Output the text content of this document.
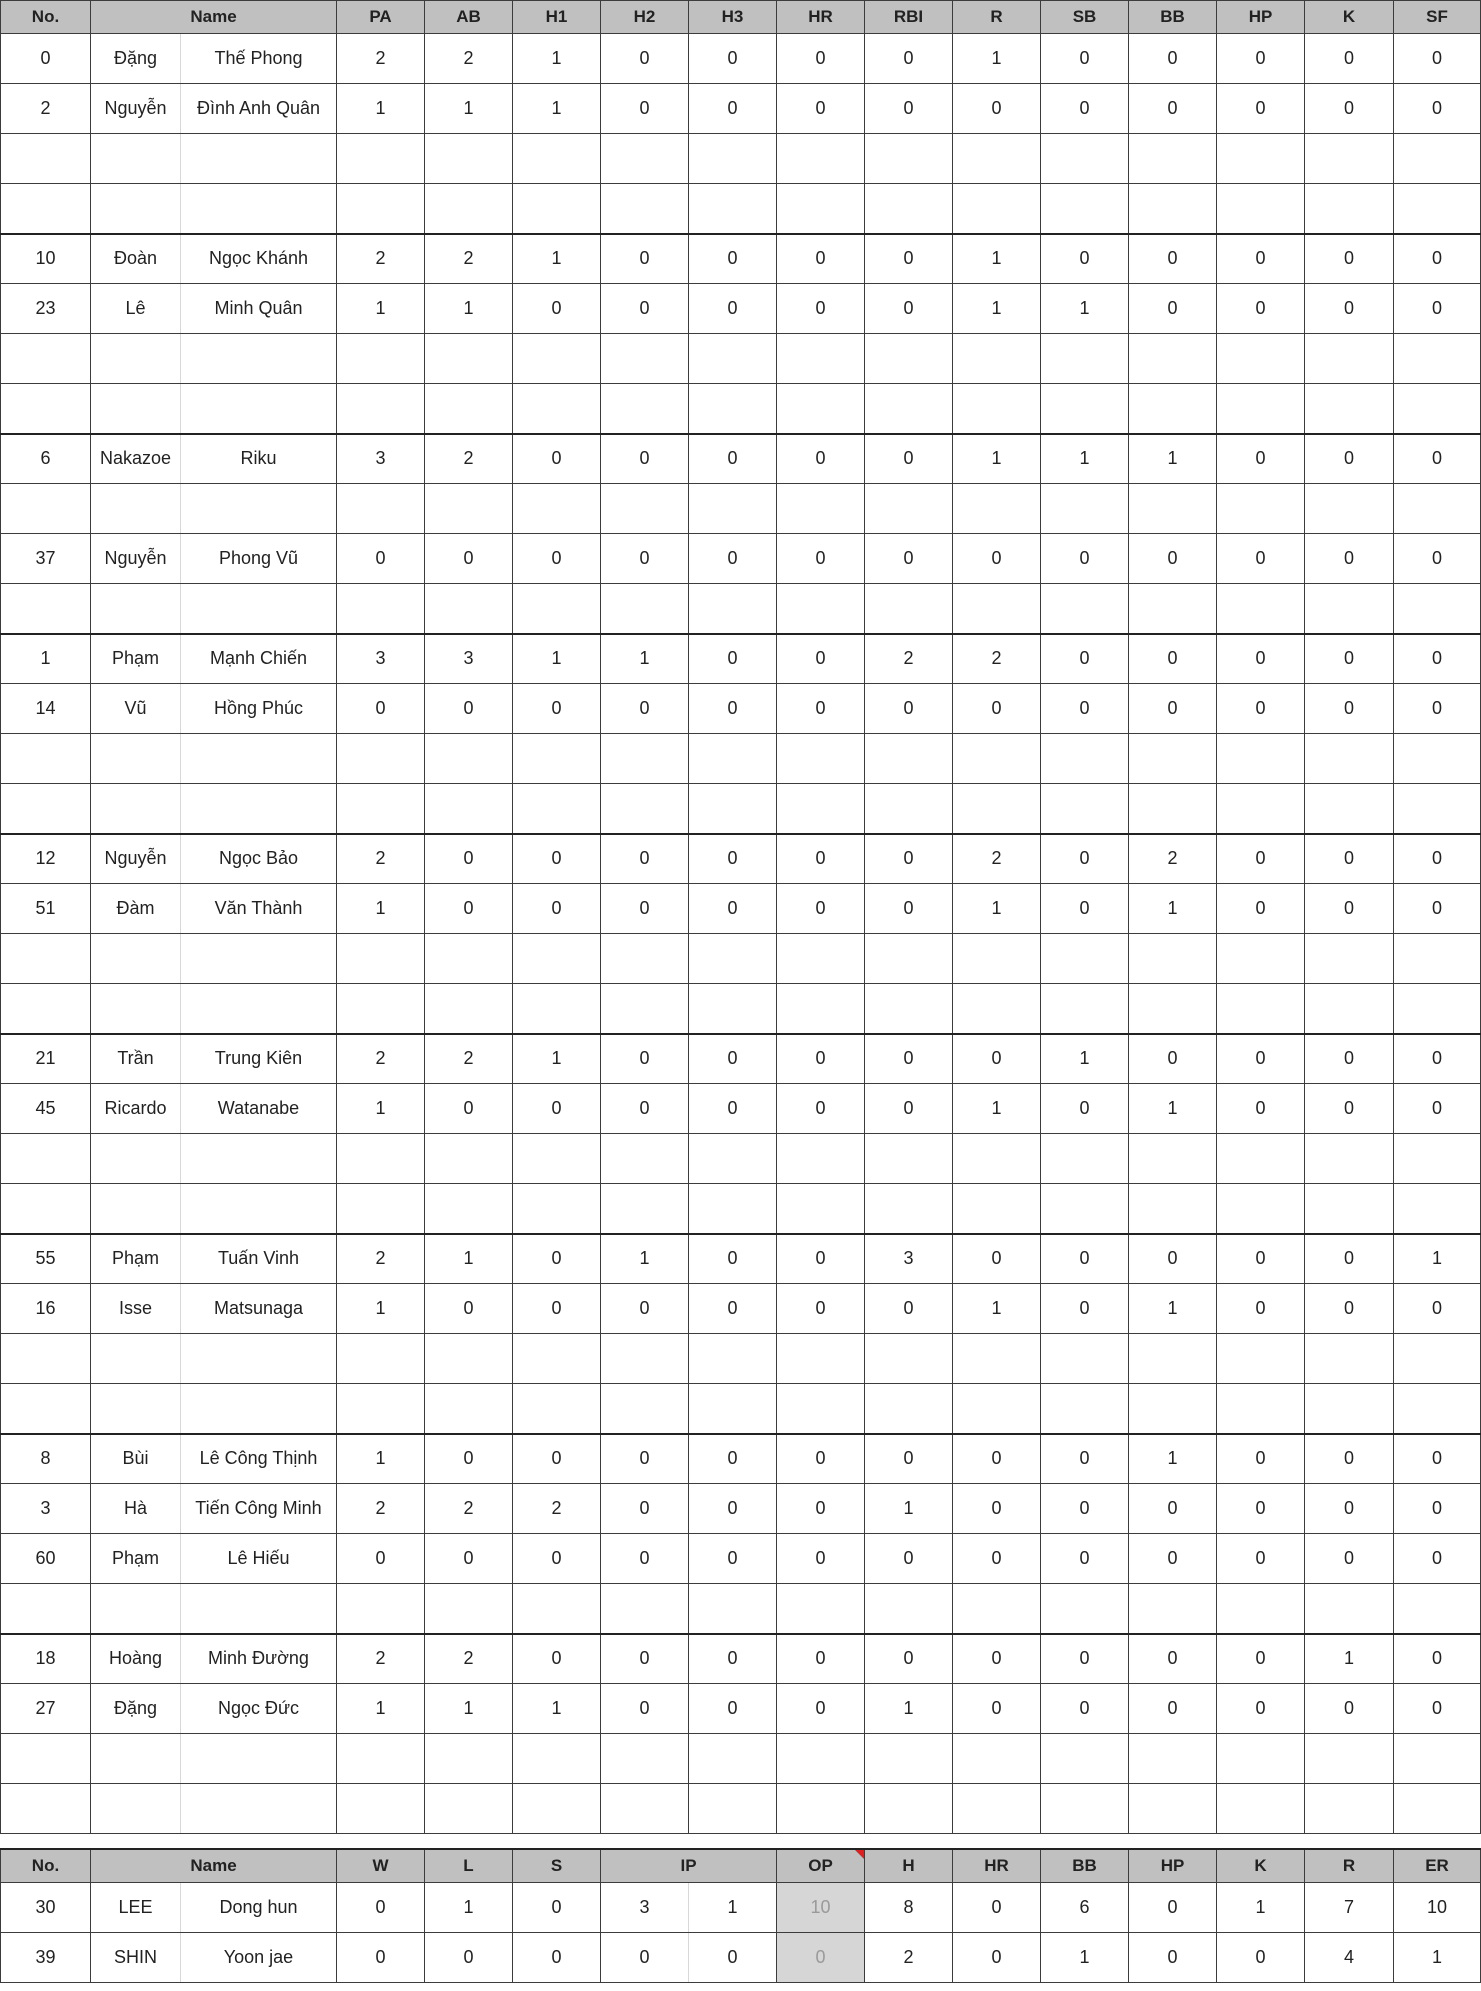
No.	Name		PA	AB	H1	H2	H3	HR	RBI	R	SB	BB	HP	K	SF
0	Đặng	Thế Phong	2	2	1	0	0	0	0	1	0	0	0	0	0
2	Nguyễn	Đình Anh Quân	1	1	1	0	0	0	0	0	0	0	0	0	0

10	Đoàn	Ngọc Khánh	2	2	1	0	0	0	0	1	0	0	0	0	0
23	Lê	Minh Quân	1	1	0	0	0	0	0	1	1	0	0	0	0

6	Nakazoe	Riku	3	2	0	0	0	0	0	1	1	1	0	0	0

37	Nguyễn	Phong Vũ	0	0	0	0	0	0	0	0	0	0	0	0	0

1	Phạm	Mạnh Chiến	3	3	1	1	0	0	2	2	0	0	0	0	0
14	Vũ	Hồng Phúc	0	0	0	0	0	0	0	0	0	0	0	0	0

12	Nguyễn	Ngọc Bảo	2	0	0	0	0	0	0	2	0	2	0	0	0
51	Đàm	Văn Thành	1	0	0	0	0	0	0	1	0	1	0	0	0

21	Trần	Trung Kiên	2	2	1	0	0	0	0	0	1	0	0	0	0
45	Ricardo	Watanabe	1	0	0	0	0	0	0	1	0	1	0	0	0

55	Phạm	Tuấn Vinh	2	1	0	1	0	0	3	0	0	0	0	0	1
16	Isse	Matsunaga	1	0	0	0	0	0	0	1	0	1	0	0	0

8	Bùi	Lê Công Thịnh	1	0	0	0	0	0	0	0	0	1	0	0	0
3	Hà	Tiến Công Minh	2	2	2	0	0	0	1	0	0	0	0	0	0
60	Phạm	Lê Hiếu	0	0	0	0	0	0	0	0	0	0	0	0	0

18	Hoàng	Minh Đường	2	2	0	0	0	0	0	0	0	0	0	1	0
27	Đặng	Ngọc Đức	1	1	1	0	0	0	1	0	0	0	0	0	0

No.	Name		W	L	S	IP		OP	H	HR	BB	HP	K	R	ER
30	LEE	Dong hun	0	1	0	3	1	10	8	0	6	0	1	7	10
39	SHIN	Yoon jae	0	0	0	0	0	0	2	0	1	0	0	4	1
